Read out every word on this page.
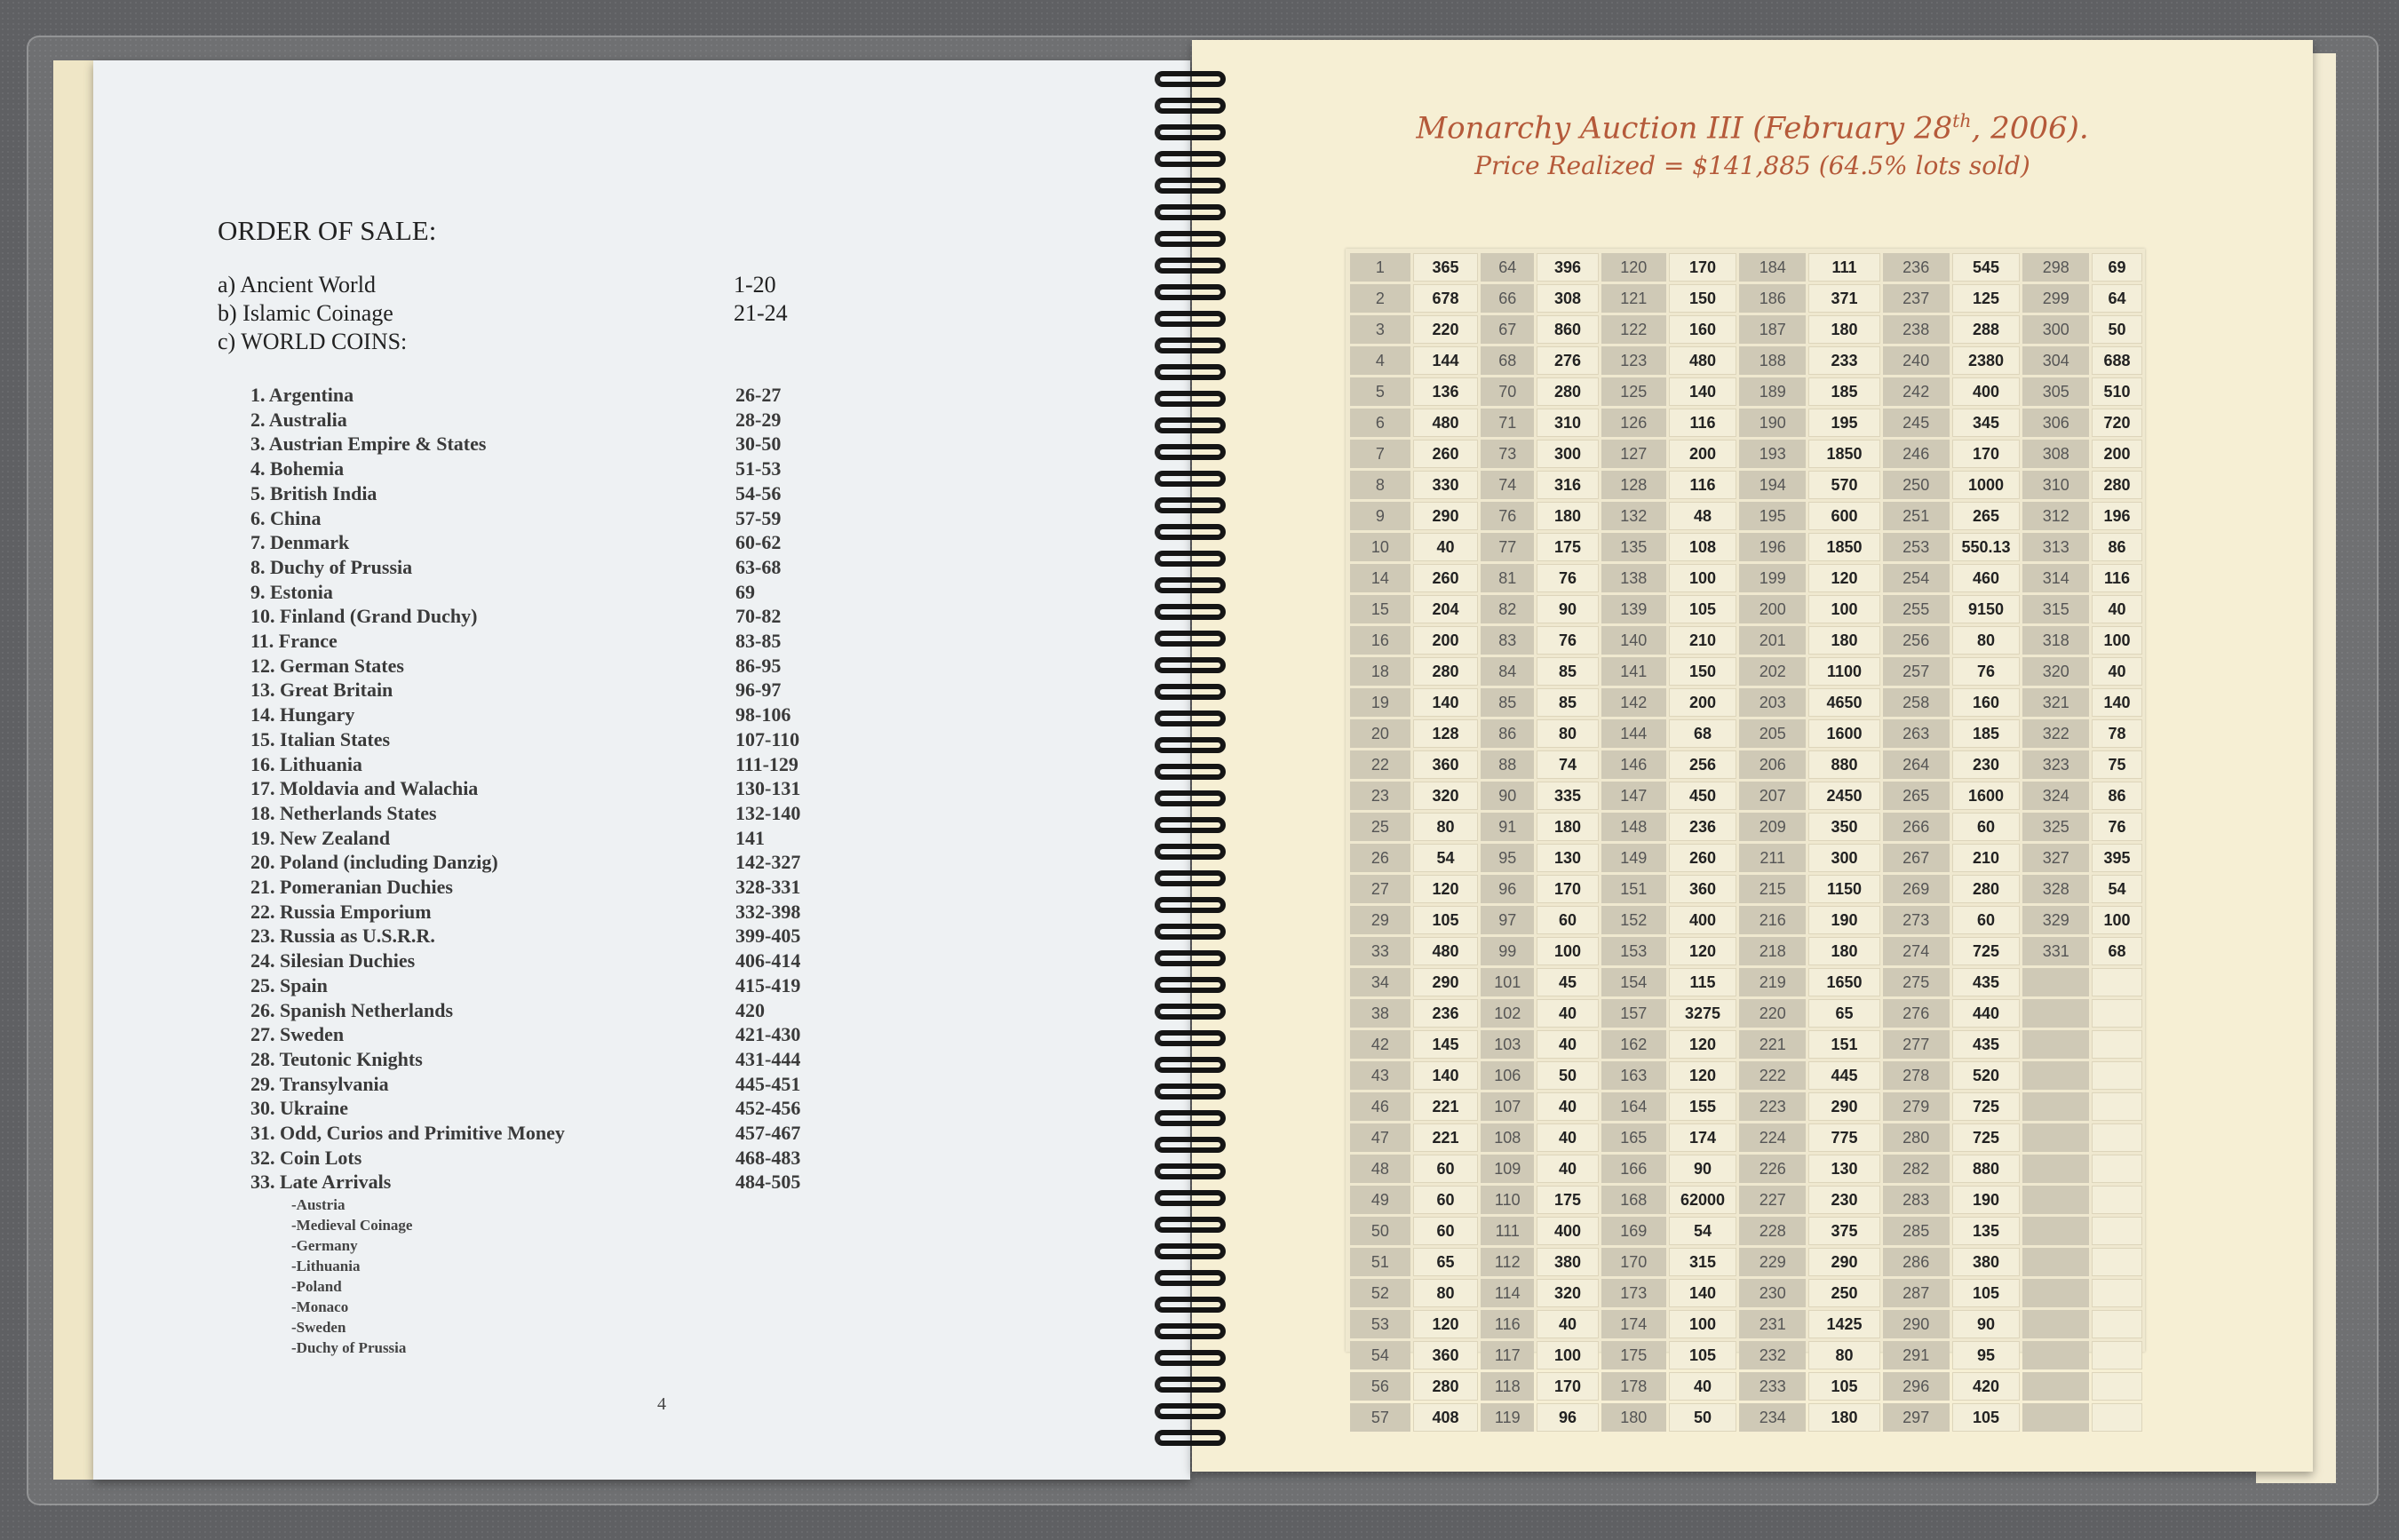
ORDER OF SALE:
a) Ancient World	1-20
b) Islamic Coinage	21-24
c) WORLD COINS:
1. Argentina	26-27
2. Australia	28-29
3. Austrian Empire & States	30-50
4. Bohemia	51-53
5. British India	54-56
6. China	57-59
7. Denmark	60-62
8. Duchy of Prussia	63-68
9. Estonia	69
10. Finland (Grand Duchy)	70-82
11. France	83-85
12. German States	86-95
13. Great Britain	96-97
14. Hungary	98-106
15. Italian States	107-110
16. Lithuania	111-129
17. Moldavia and Walachia	130-131
18. Netherlands States	132-140
19. New Zealand	141
20. Poland (including Danzig)	142-327
21. Pomeranian Duchies	328-331
22. Russia Emporium	332-398
23. Russia as U.S.R.R.	399-405
24. Silesian Duchies	406-414
25. Spain	415-419
26. Spanish Netherlands	420
27. Sweden	421-430
28. Teutonic Knights	431-444
29. Transylvania	445-451
30. Ukraine	452-456
31. Odd, Curios and Primitive Money	457-467
32. Coin Lots	468-483
33. Late Arrivals	484-505
-Austria
-Medieval Coinage
-Germany
-Lithuania
-Poland
-Monaco
-Sweden
-Duchy of Prussia
4
Monarchy Auction III (February 28th, 2006).
Price Realized = $141,885 (64.5% lots sold)
1	365	64	396	120	170	184	111	236	545	298	69
2	678	66	308	121	150	186	371	237	125	299	64
3	220	67	860	122	160	187	180	238	288	300	50
4	144	68	276	123	480	188	233	240	2380	304	688
5	136	70	280	125	140	189	185	242	400	305	510
6	480	71	310	126	116	190	195	245	345	306	720
7	260	73	300	127	200	193	1850	246	170	308	200
8	330	74	316	128	116	194	570	250	1000	310	280
9	290	76	180	132	48	195	600	251	265	312	196
10	40	77	175	135	108	196	1850	253	550.13	313	86
14	260	81	76	138	100	199	120	254	460	314	116
15	204	82	90	139	105	200	100	255	9150	315	40
16	200	83	76	140	210	201	180	256	80	318	100
18	280	84	85	141	150	202	1100	257	76	320	40
19	140	85	85	142	200	203	4650	258	160	321	140
20	128	86	80	144	68	205	1600	263	185	322	78
22	360	88	74	146	256	206	880	264	230	323	75
23	320	90	335	147	450	207	2450	265	1600	324	86
25	80	91	180	148	236	209	350	266	60	325	76
26	54	95	130	149	260	211	300	267	210	327	395
27	120	96	170	151	360	215	1150	269	280	328	54
29	105	97	60	152	400	216	190	273	60	329	100
33	480	99	100	153	120	218	180	274	725	331	68
34	290	101	45	154	115	219	1650	275	435		
38	236	102	40	157	3275	220	65	276	440		
42	145	103	40	162	120	221	151	277	435		
43	140	106	50	163	120	222	445	278	520		
46	221	107	40	164	155	223	290	279	725		
47	221	108	40	165	174	224	775	280	725		
48	60	109	40	166	90	226	130	282	880		
49	60	110	175	168	62000	227	230	283	190		
50	60	111	400	169	54	228	375	285	135		
51	65	112	380	170	315	229	290	286	380		
52	80	114	320	173	140	230	250	287	105		
53	120	116	40	174	100	231	1425	290	90		
54	360	117	100	175	105	232	80	291	95		
56	280	118	170	178	40	233	105	296	420		
57	408	119	96	180	50	234	180	297	105		
